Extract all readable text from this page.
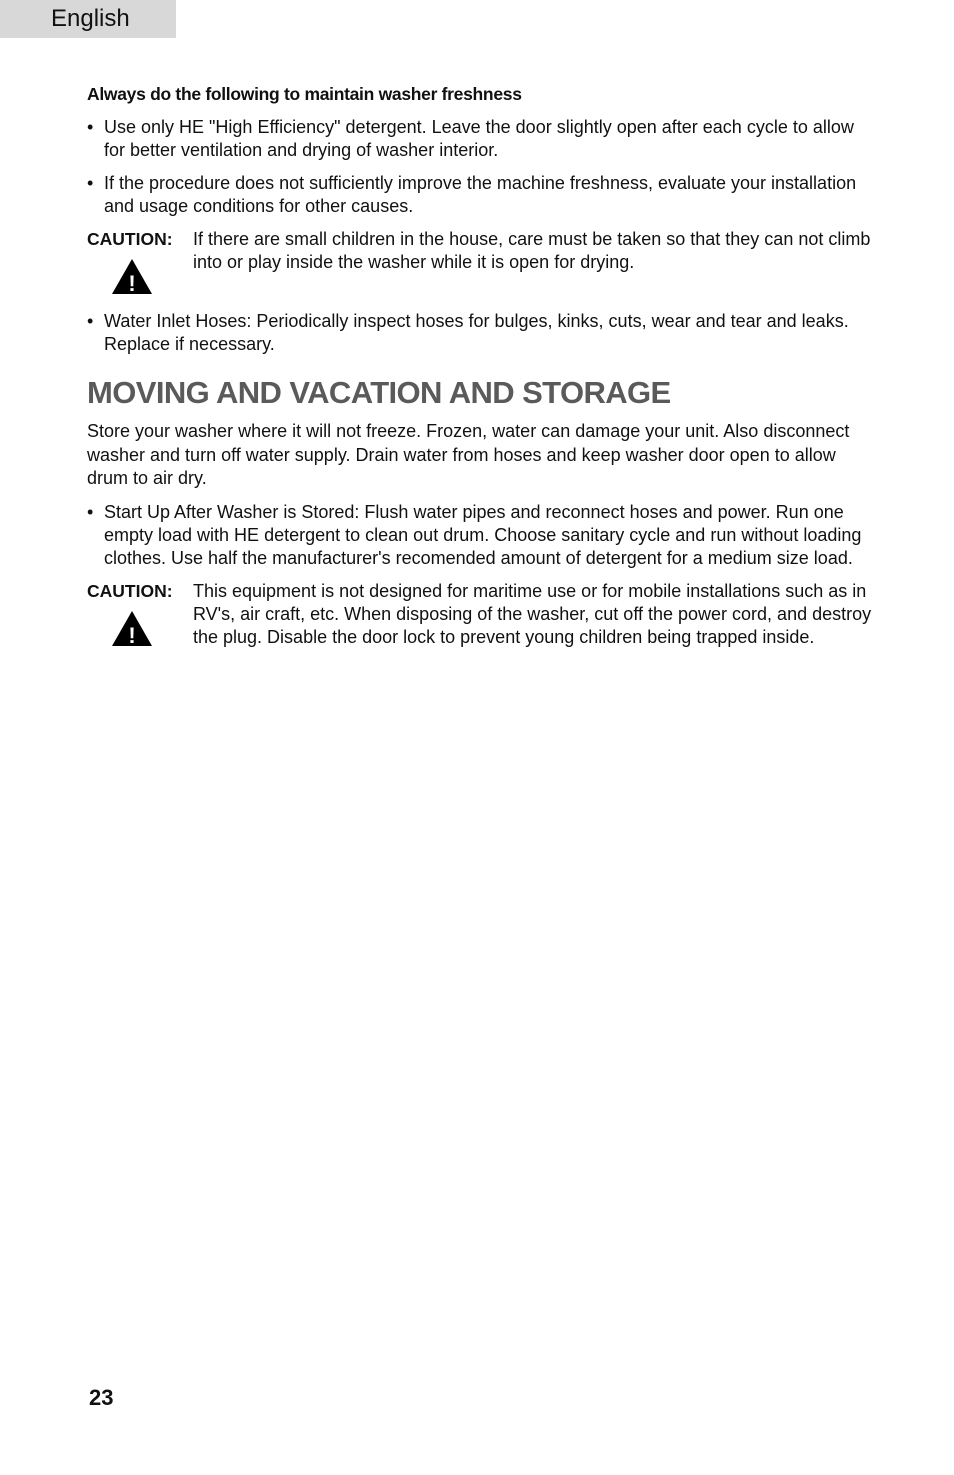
English
Always do the following to maintain washer freshness
• Use only HE "High Efficiency" detergent. Leave the door slightly open after each cycle to allow for better ventilation and drying of washer interior.
• If the procedure does not sufficiently improve the machine freshness, evaluate your installation and usage conditions for other causes.
CAUTION:
!
If there are small children in the house, care must be taken so that they can not climb into or play inside the washer while it is open for drying.
• Water Inlet Hoses: Periodically inspect hoses for bulges, kinks, cuts, wear and tear and leaks. Replace if necessary.
MOVING AND VACATION AND STORAGE
Store your washer where it will not freeze. Frozen, water can damage your unit. Also disconnect washer and turn off water supply. Drain water from hoses and keep washer door open to allow drum to air dry.
• Start Up After Washer is Stored: Flush water pipes and reconnect hoses and power. Run one empty load with HE detergent to clean out drum. Choose sanitary cycle and run without loading clothes. Use half the manufacturer's recomended amount of detergent for a medium size load.
CAUTION:
!
This equipment is not designed for maritime use or for mobile installations such as in RV's, air craft, etc. When disposing of the washer, cut off the power cord, and destroy the plug. Disable the door lock to prevent young children being trapped inside.
23
